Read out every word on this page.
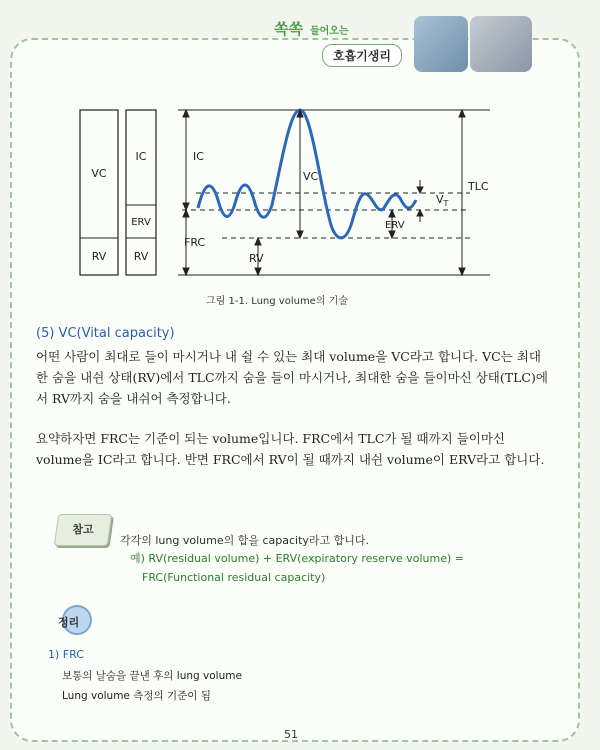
쏙쏙 들어오는
호흡기생리
VC
RV
IC
ERV
RV
IC
FRC
RV
VC
ERV
$V_T$
TLC
그림 1-1. Lung volume의 기술
(5) VC(Vital capacity)
어떤 사람이 최대로 들이 마시거나 내 쉴 수 있는 최대 volume을 VC라고 합니다. VC는 최대한 숨을 내쉰 상태(RV)에서 TLC까지 숨을 들이 마시거나, 최대한 숨을 들이마신 상태(TLC)에서 RV까지 숨을 내쉬어 측정합니다.
요약하자면 FRC는 기준이 되는 volume입니다. FRC에서 TLC가 될 때까지 들이마신 volume을 IC라고 합니다. 반면 FRC에서 RV이 될 때까지 내쉰 volume이 ERV라고 합니다.
참고
각각의 lung volume의 합을 capacity라고 합니다.
예) RV(residual volume) + ERV(expiratory reserve volume) =
FRC(Functional residual capacity)
정리
1) FRC
보통의 날숨을 끝낸 후의 lung volume
Lung volume 측정의 기준이 됨
51
